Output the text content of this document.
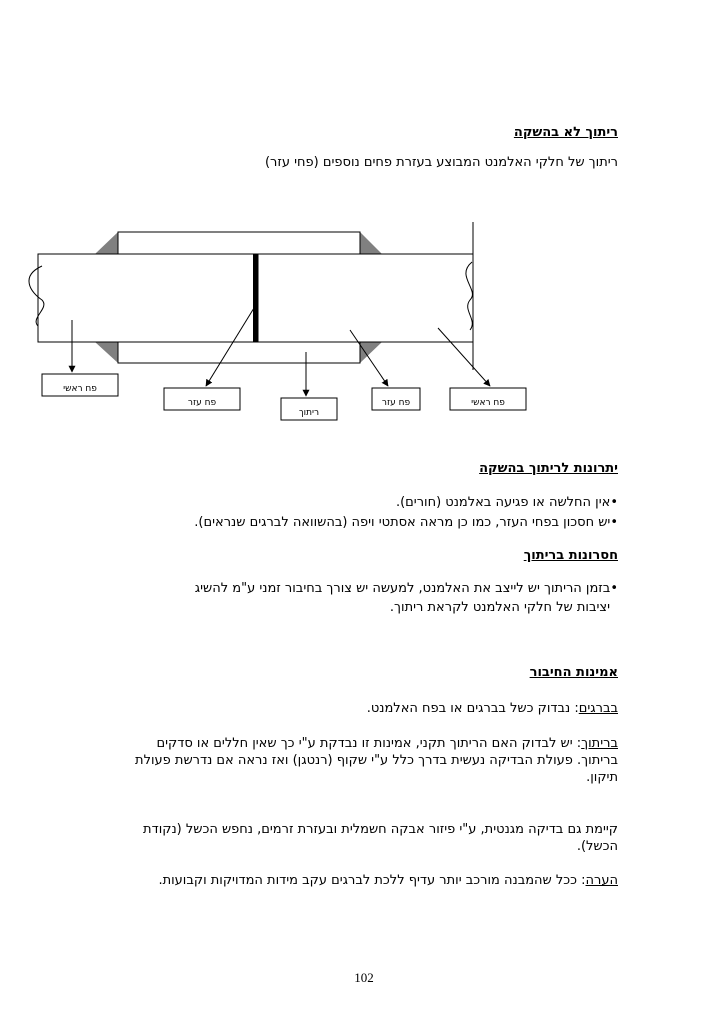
ריתוך לא בהשקה
ריתוך של חלקי האלמנט המבוצע בעזרת פחים נוספים (פחי עזר)
פח ראשי
פח עזר
ריתוך
פח עזר	פח ראשי
יתרונות לריתוך בהשקה
• אין החלשה או פגיעה באלמנט (חורים).
• יש חסכון בפחי העזר, כמו כן מראה אסתטי ויפה (בהשוואה לברגים שנראים).
חסרונות בריתוך
• בזמן הריתוך יש לייצב את האלמנט, למעשה יש צורך בחיבור זמני ע"מ להשיג
יציבות של חלקי האלמנט לקראת ריתוך.
אמינות החיבור
בברגים: נבדוק כשל בברגים או בפח האלמנט.
בריתוך: יש לבדוק האם הריתוך תקני, אמינות זו נבדקת ע"י כך שאין חללים או סדקים
בריתוך. פעולת הבדיקה נעשית בדרך כלל ע"י שקוף (רנטגן) ואז נראה אם נדרשת פעולת
תיקון.
קיימת גם בדיקה מגנטית, ע"י פיזור אבקה חשמלית ובעזרת זרמים, נחפש הכשל (נקודת
הכשל).
הערה: ככל שהמבנה מורכב יותר עדיף ללכת לברגים עקב מידות המדויקות וקבועות.
102
